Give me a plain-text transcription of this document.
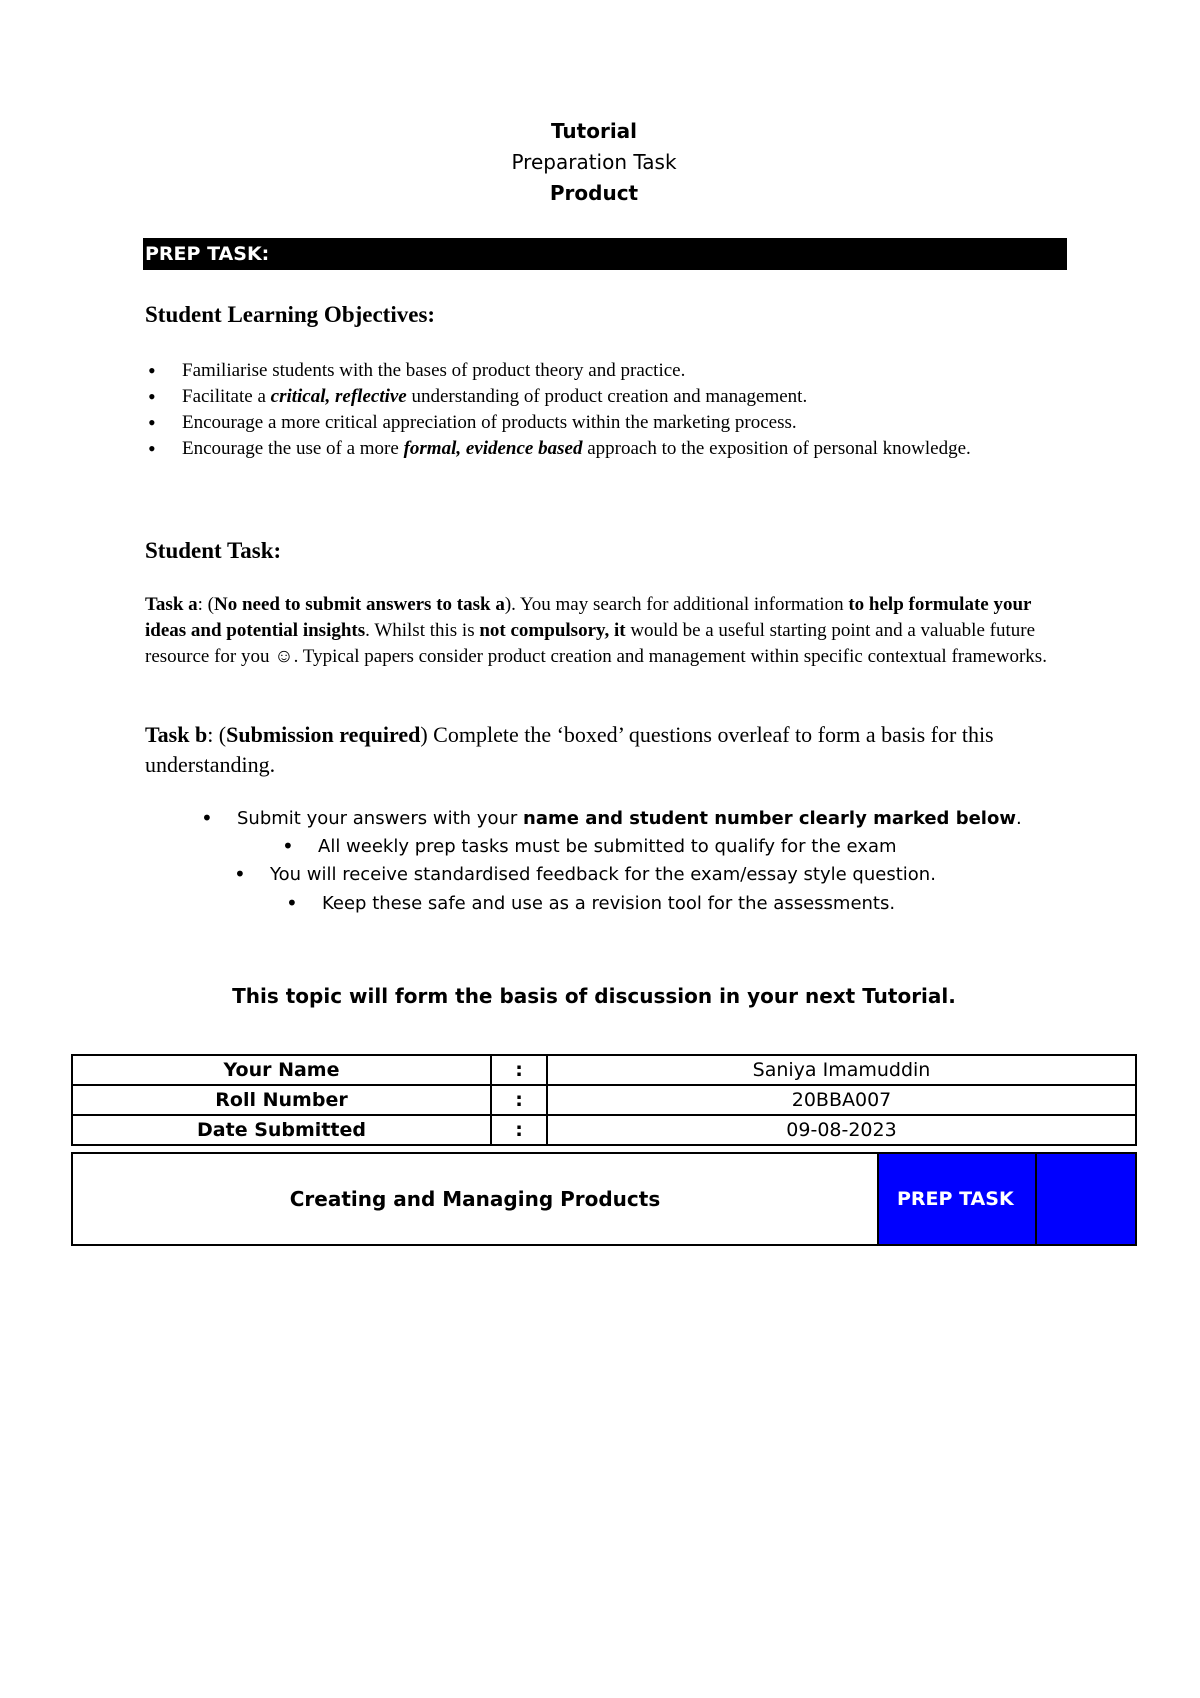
Tutorial
Preparation Task
Product
PREP TASK:
Student Learning Objectives:
• Familiarise students with the bases of product theory and practice.
• Facilitate a critical, reflective understanding of product creation and management.
• Encourage a more critical appreciation of products within the marketing process.
• Encourage the use of a more formal, evidence based approach to the exposition of personal knowledge.
Student Task:
Task a: (No need to submit answers to task a). You may search for additional information to help formulate your ideas and potential insights. Whilst this is not compulsory, it would be a useful starting point and a valuable future resource for you ☺. Typical papers consider product creation and management within specific contextual frameworks.
Task b: (Submission required) Complete the ‘boxed’ questions overleaf to form a basis for this understanding.
• Submit your answers with your name and student number clearly marked below.
• All weekly prep tasks must be submitted to qualify for the exam
• You will receive standardised feedback for the exam/essay style question.
• Keep these safe and use as a revision tool for the assessments.
This topic will form the basis of discussion in your next Tutorial.
Your Name	:	Saniya Imamuddin
Roll Number	:	20BBA007
Date Submitted	:	09-08-2023
Creating and Managing Products	PREP TASK
